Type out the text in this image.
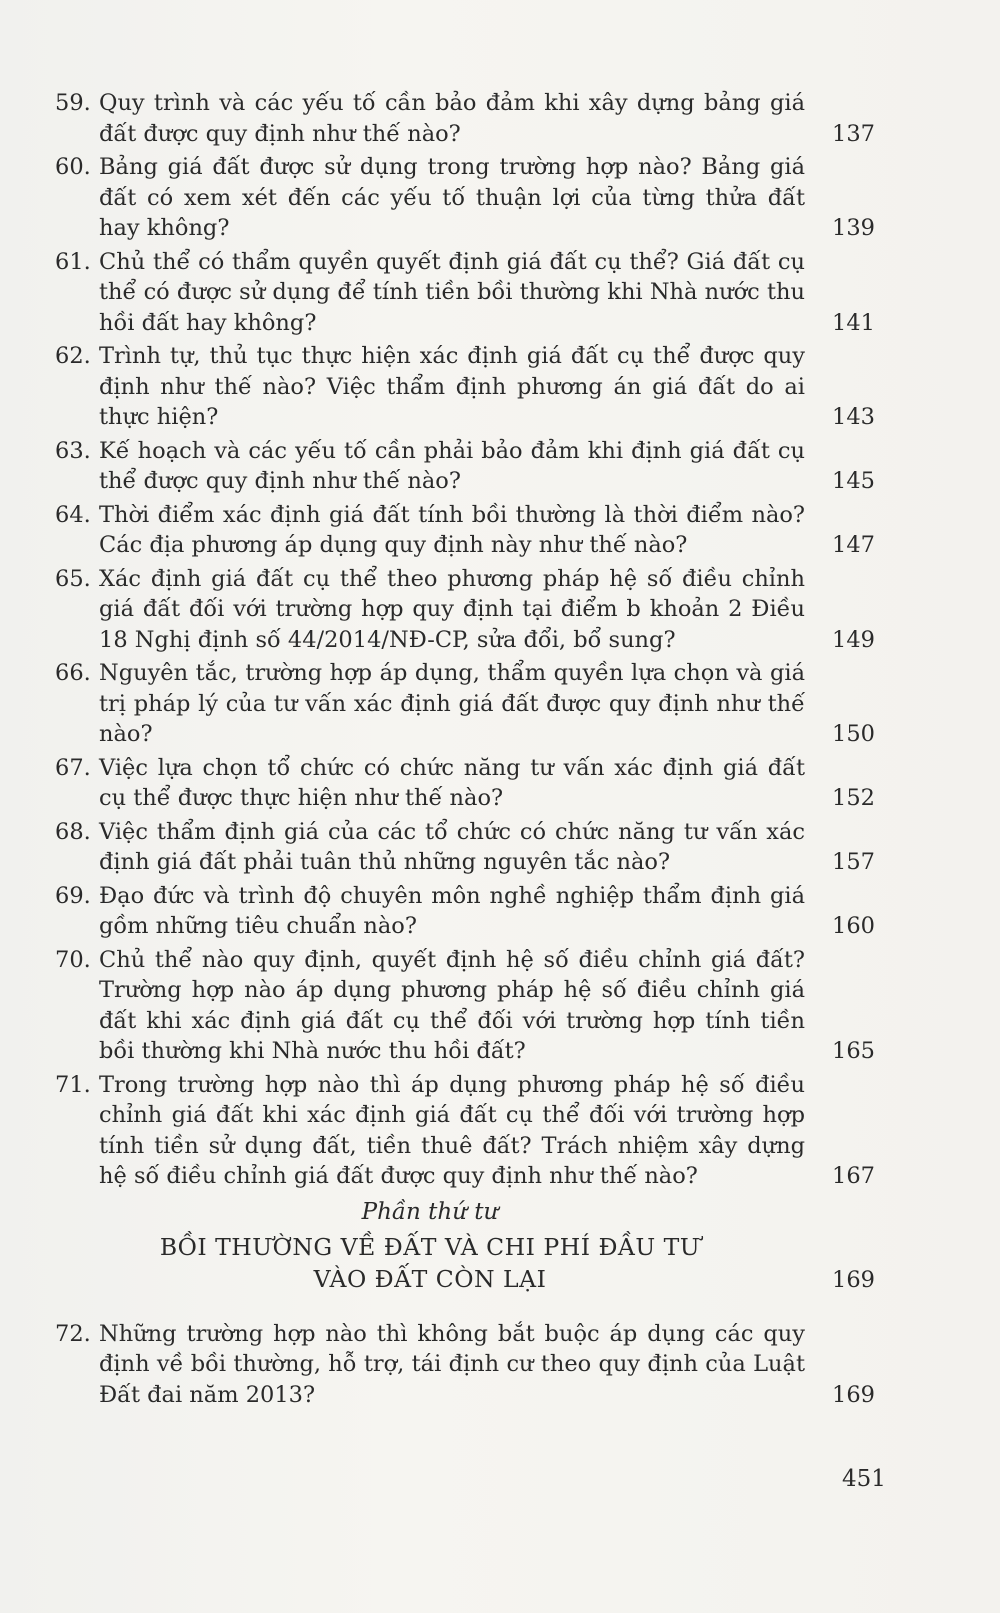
59. Quy trình và các yếu tố cần bảo đảm khi xây dựng bảng giá đất được quy định như thế nào?	137
60. Bảng giá đất được sử dụng trong trường hợp nào? Bảng giá đất có xem xét đến các yếu tố thuận lợi của từng thửa đất hay không?	139
61. Chủ thể có thẩm quyền quyết định giá đất cụ thể? Giá đất cụ thể có được sử dụng để tính tiền bồi thường khi Nhà nước thu hồi đất hay không?	141
62. Trình tự, thủ tục thực hiện xác định giá đất cụ thể được quy định như thế nào? Việc thẩm định phương án giá đất do ai thực hiện?	143
63. Kế hoạch và các yếu tố cần phải bảo đảm khi định giá đất cụ thể được quy định như thế nào?	145
64. Thời điểm xác định giá đất tính bồi thường là thời điểm nào? Các địa phương áp dụng quy định này như thế nào?	147
65. Xác định giá đất cụ thể theo phương pháp hệ số điều chỉnh giá đất đối với trường hợp quy định tại điểm b khoản 2 Điều 18 Nghị định số 44/2014/NĐ-CP, sửa đổi, bổ sung?	149
66. Nguyên tắc, trường hợp áp dụng, thẩm quyền lựa chọn và giá trị pháp lý của tư vấn xác định giá đất được quy định như thế nào?	150
67. Việc lựa chọn tổ chức có chức năng tư vấn xác định giá đất cụ thể được thực hiện như thế nào?	152
68. Việc thẩm định giá của các tổ chức có chức năng tư vấn xác định giá đất phải tuân thủ những nguyên tắc nào?	157
69. Đạo đức và trình độ chuyên môn nghề nghiệp thẩm định giá gồm những tiêu chuẩn nào?	160
70. Chủ thể nào quy định, quyết định hệ số điều chỉnh giá đất? Trường hợp nào áp dụng phương pháp hệ số điều chỉnh giá đất khi xác định giá đất cụ thể đối với trường hợp tính tiền bồi thường khi Nhà nước thu hồi đất?	165
71. Trong trường hợp nào thì áp dụng phương pháp hệ số điều chỉnh giá đất khi xác định giá đất cụ thể đối với trường hợp tính tiền sử dụng đất, tiền thuê đất? Trách nhiệm xây dựng hệ số điều chỉnh giá đất được quy định như thế nào?	167
Phần thứ tư
BỒI THƯỜNG VỀ ĐẤT VÀ CHI PHÍ ĐẦU TƯ
VÀO ĐẤT CÒN LẠI	169
72. Những trường hợp nào thì không bắt buộc áp dụng các quy định về bồi thường, hỗ trợ, tái định cư theo quy định của Luật Đất đai năm 2013?	169
451
